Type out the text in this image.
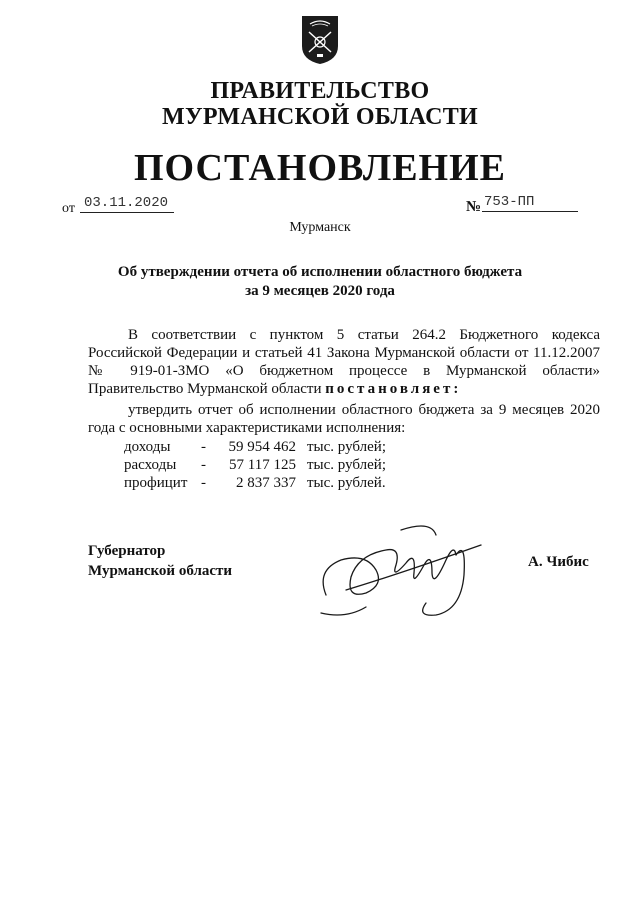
ПРАВИТЕЛЬСТВО
МУРМАНСКОЙ ОБЛАСТИ
ПОСТАНОВЛЕНИЕ
от 03.11.2020	№ 753-ПП
Мурманск
Об утверждении отчета об исполнении областного бюджета
за 9 месяцев 2020 года
В соответствии с пунктом 5 статьи 264.2 Бюджетного кодекса Российской Федерации и статьей 41 Закона Мурманской области от 11.12.2007 № 919-01-ЗМО «О бюджетном процессе в Мурманской области» Правительство Мурманской области постановляет:
утвердить отчет об исполнении областного бюджета за 9 месяцев 2020 года с основными характеристиками исполнения:
доходы - 59 954 462 тыс. рублей;
расходы - 57 117 125 тыс. рублей;
профицит -	2 837 337 тыс. рублей.
Губернатор
Мурманской области
А. Чибис
